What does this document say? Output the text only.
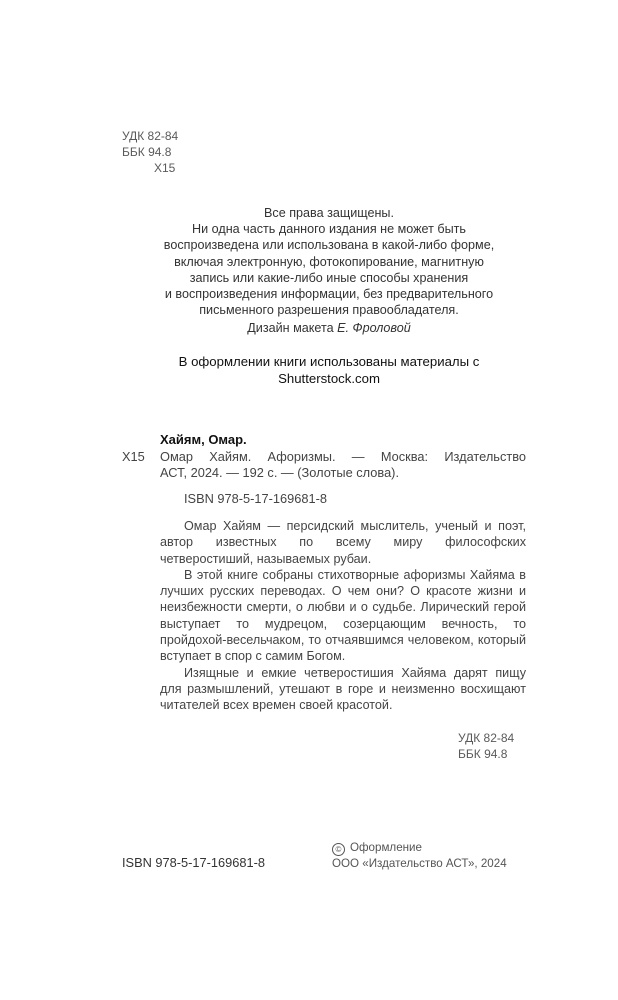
УДК 82-84
ББК 94.8
Х15
Все права защищены.
Ни одна часть данного издания не может быть
воспроизведена или использована в какой-либо форме,
включая электронную, фотокопирование, магнитную
запись или какие-либо иные способы хранения
и воспроизведения информации, без предварительного
письменного разрешения правообладателя.
Дизайн макета Е. Фроловой
В оформлении книги использованы материалы с
Shutterstock.com
Хайям, Омар.
Х15 Омар Хайям. Афоризмы. — Москва: Издательство
АСТ, 2024. — 192 с. — (Золотые слова).
ISBN 978-5-17-169681-8

Омар Хайям — персидский мыслитель, ученый и поэт, автор известных по всему миру философских четверостиший, называемых рубаи.

В этой книге собраны стихотворные афоризмы Хайяма в лучших русских переводах. О чем они? О красоте жизни и неизбежности смерти, о любви и о судьбе. Лирический герой выступает то мудрецом, созерцающим вечность, то пройдохой-весельчаком, то отчаявшимся человеком, который вступает в спор с самим Богом.

Изящные и емкие четверостишия Хайяма дарят пищу для размышлений, утешают в горе и неизменно восхищают читателей всех времен своей красотой.

УДК 82-84
ББК 94.8
ISBN 978-5-17-169681-8
© Оформление
ООО «Издательство АСТ», 2024
